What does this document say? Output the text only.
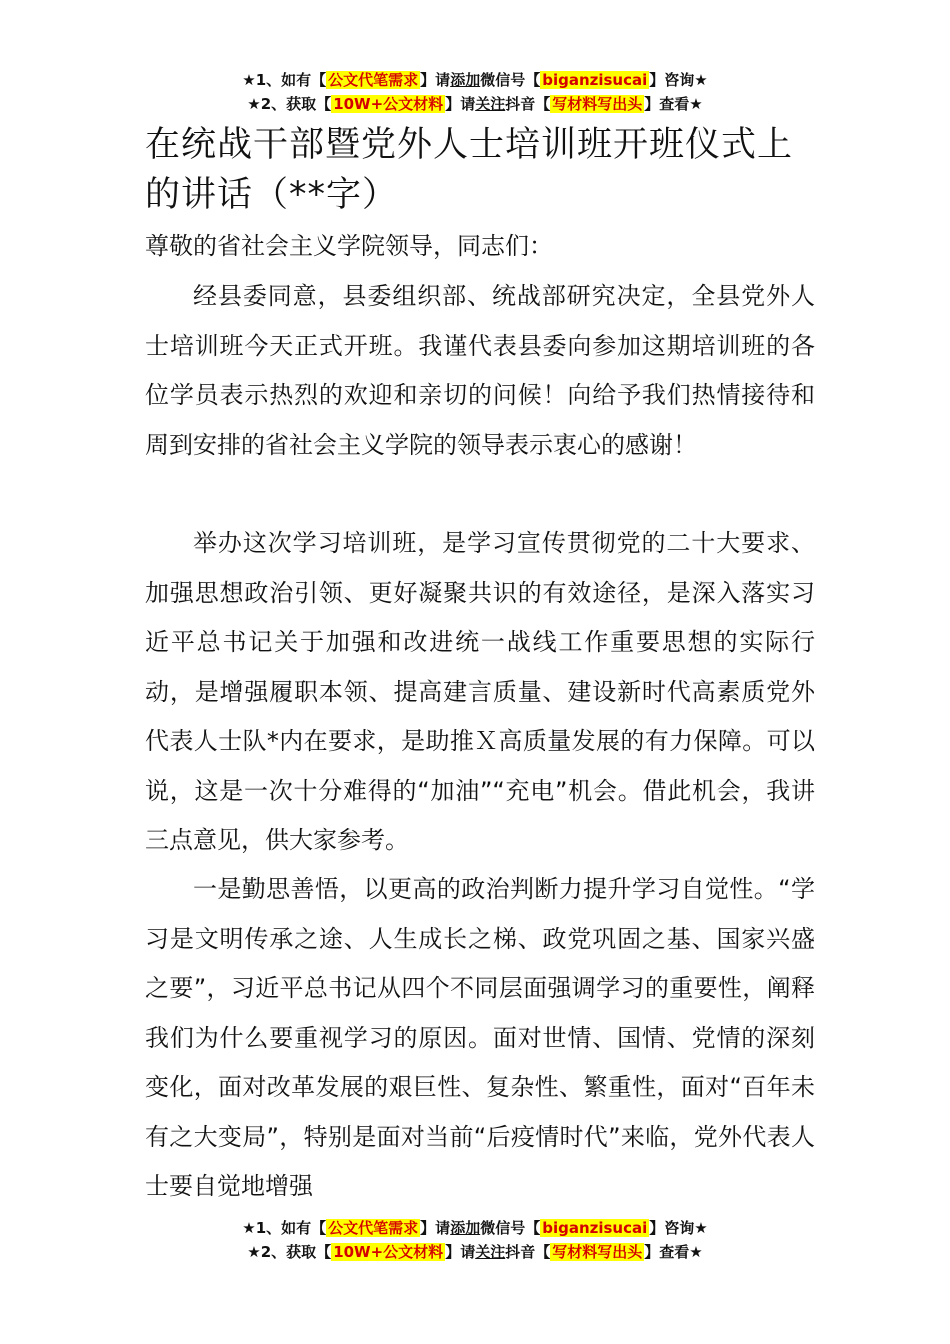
★1、如有【 公文代笔需求 】请添加微信号【 biganzisucai 】咨询★
★2、获取【 10W+公文材料 】请关注抖音【 写材料写出头 】查看★
在统战干部暨党外人士培训班开班仪式上的讲话（**字）

尊敬的省社会主义学院领导，同志们：

经县委同意，县委组织部、统战部研究决定，全县党外人士培训班今天正式开班。我谨代表县委向参加这期培训班的各位学员表示热烈的欢迎和亲切的问候！向给予我们热情接待和周到安排的省社会主义学院的领导表示衷心的感谢！

举办这次学习培训班，是学习宣传贯彻党的二十大要求、加强思想政治引领、更好凝聚共识的有效途径，是深入落实习近平总书记关于加强和改进统一战线工作重要思想的实际行动，是增强履职本领、提高建言质量、建设新时代高素质党外代表人士队*内在要求，是助推Ｘ高质量发展的有力保障。可以说，这是一次十分难得的“加油”“充电”机会。借此机会，我讲三点意见，供大家参考。

一是勤思善悟，以更高的政治判断力提升学习自觉性。“学习是文明传承之途、人生成长之梯、政党巩固之基、国家兴盛之要”，习近平总书记从四个不同层面强调学习的重要性，阐释我们为什么要重视学习的原因。面对世情、国情、党情的深刻变化，面对改革发展的艰巨性、复杂性、繁重性，面对“百年未有之大变局”，特别是面对当前“后疫情时代”来临，党外代表人士要自觉地增强

★1、如有【 公文代笔需求 】请添加微信号【 biganzisucai 】咨询★
★2、获取【 10W+公文材料 】请关注抖音【 写材料写出头 】查看★
